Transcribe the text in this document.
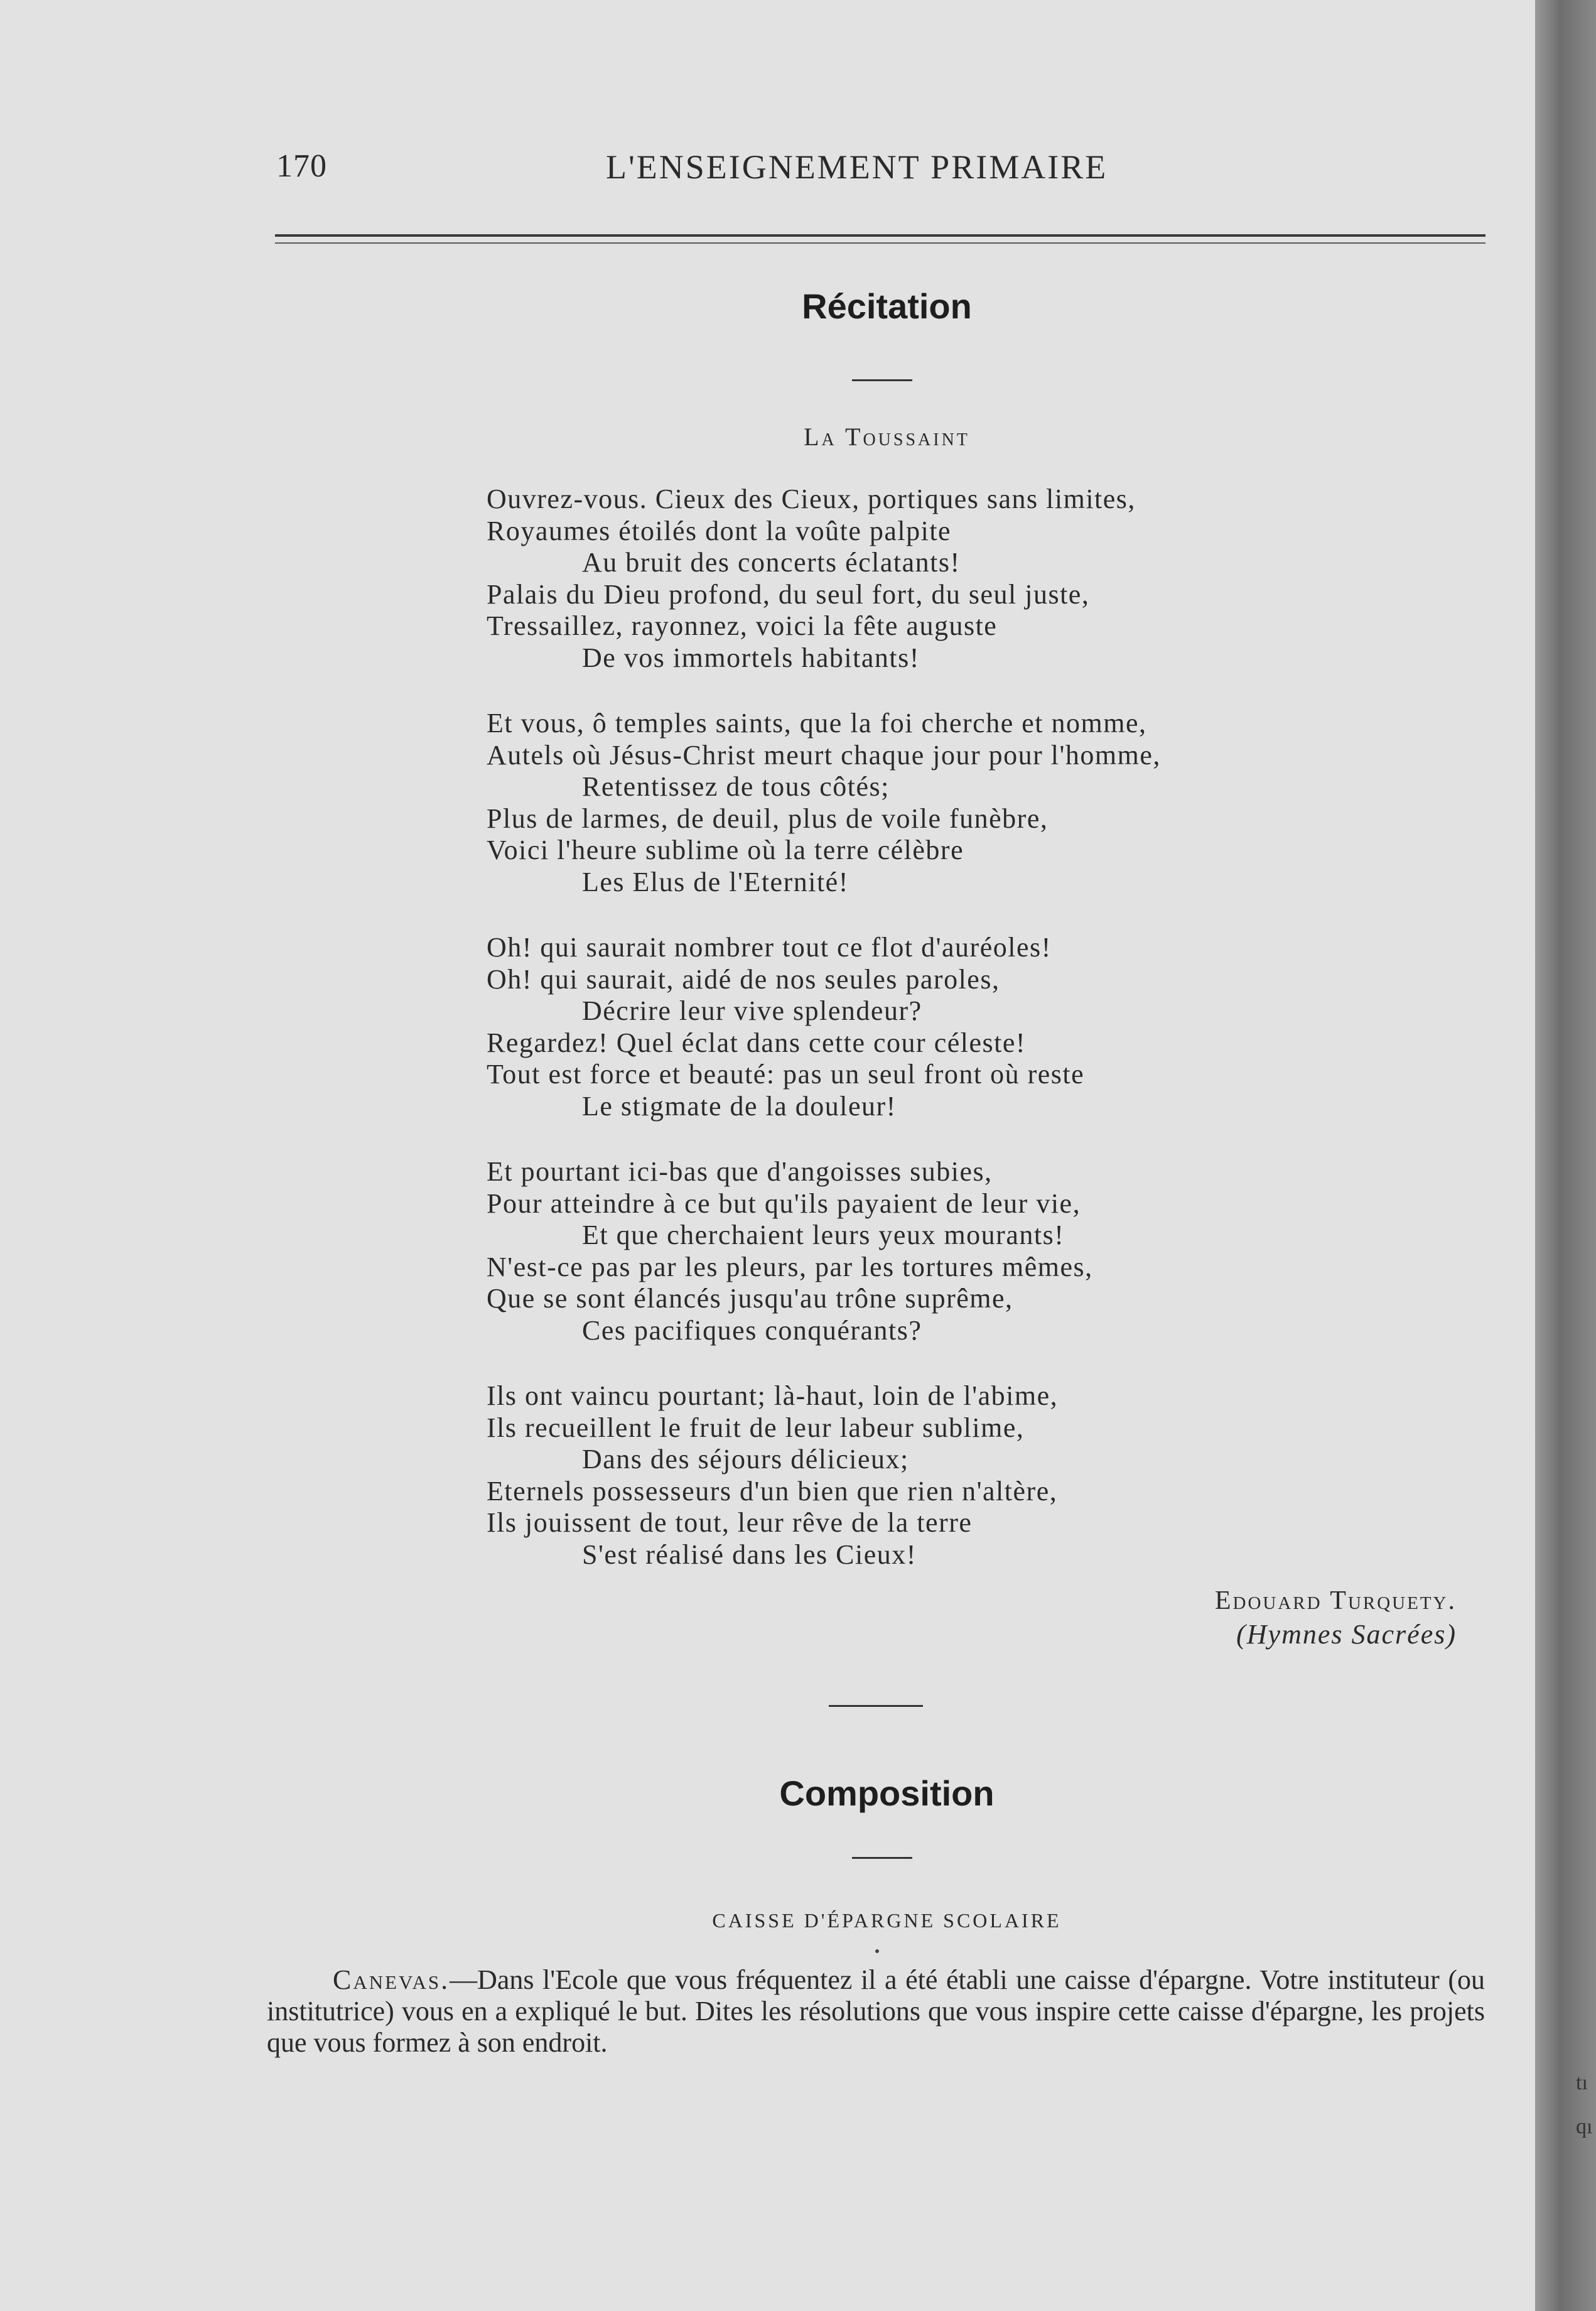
170	L'ENSEIGNEMENT PRIMAIRE
Récitation
La Toussaint
Ouvrez-vous. Cieux des Cieux, portiques sans limites,
Royaumes étoilés dont la voûte palpite
Au bruit des concerts éclatants!
Palais du Dieu profond, du seul fort, du seul juste,
Tressaillez, rayonnez, voici la fête auguste
De vos immortels habitants!
Et vous, ô temples saints, que la foi cherche et nomme,
Autels où Jésus-Christ meurt chaque jour pour l'homme,
Retentissez de tous côtés;
Plus de larmes, de deuil, plus de voile funèbre,
Voici l'heure sublime où la terre célèbre
Les Elus de l'Eternité!
Oh! qui saurait nombrer tout ce flot d'auréoles!
Oh! qui saurait, aidé de nos seules paroles,
Décrire leur vive splendeur?
Regardez! Quel éclat dans cette cour céleste!
Tout est force et beauté: pas un seul front où reste
Le stigmate de la douleur!
Et pourtant ici-bas que d'angoisses subies,
Pour atteindre à ce but qu'ils payaient de leur vie,
Et que cherchaient leurs yeux mourants!
N'est-ce pas par les pleurs, par les tortures mêmes,
Que se sont élancés jusqu'au trône suprême,
Ces pacifiques conquérants?
Ils ont vaincu pourtant; là-haut, loin de l'abime,
Ils recueillent le fruit de leur labeur sublime,
Dans des séjours délicieux;
Eternels possesseurs d'un bien que rien n'altère,
Ils jouissent de tout, leur rêve de la terre
S'est réalisé dans les Cieux!
Edouard Turquety.
(Hymnes Sacrées)
Composition
CAISSE D'ÉPARGNE SCOLAIRE

Canevas.—Dans l'Ecole que vous fréquentez il a été établi une caisse d'épargne. Votre instituteur (ou institutrice) vous en a expliqué le but. Dites les résolutions que vous inspire cette caisse d'épargne, les projets que vous formez à son endroit.

tı
qı
